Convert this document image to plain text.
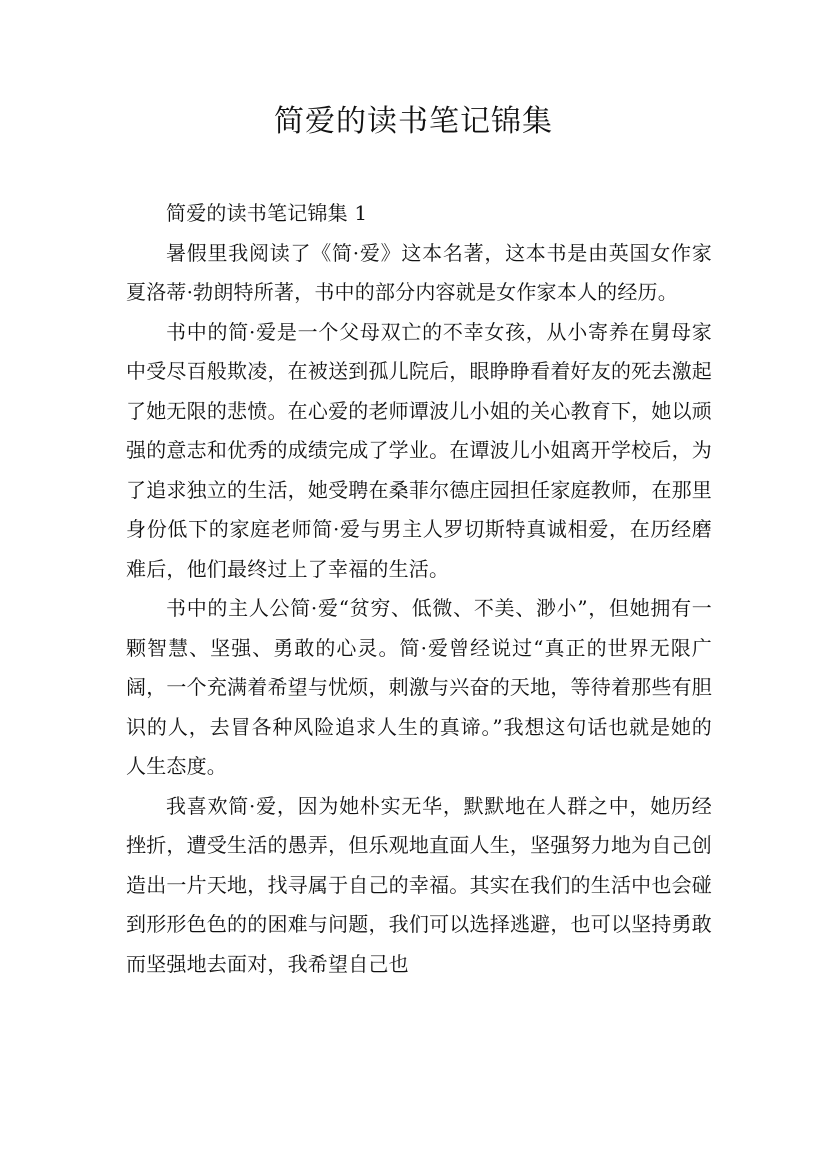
简爱的读书笔记锦集

简爱的读书笔记锦集 1

暑假里我阅读了《简·爱》这本名著，这本书是由英国女作家夏洛蒂·勃朗特所著，书中的部分内容就是女作家本人的经历。

书中的简·爱是一个父母双亡的不幸女孩，从小寄养在舅母家中受尽百般欺凌，在被送到孤儿院后，眼睁睁看着好友的死去激起了她无限的悲愤。在心爱的老师谭波儿小姐的关心教育下，她以顽强的意志和优秀的成绩完成了学业。在谭波儿小姐离开学校后，为了追求独立的生活，她受聘在桑菲尔德庄园担任家庭教师，在那里身份低下的家庭老师简·爱与男主人罗切斯特真诚相爱，在历经磨难后，他们最终过上了幸福的生活。

书中的主人公简·爱“贫穷、低微、不美、渺小”，但她拥有一颗智慧、坚强、勇敢的心灵。简·爱曾经说过“真正的世界无限广阔，一个充满着希望与忧烦，刺激与兴奋的天地，等待着那些有胆识的人，去冒各种风险追求人生的真谛。”我想这句话也就是她的人生态度。

我喜欢简·爱，因为她朴实无华，默默地在人群之中，她历经挫折，遭受生活的愚弄，但乐观地直面人生，坚强努力地为自己创造出一片天地，找寻属于自己的幸福。其实在我们的生活中也会碰到形形色色的的困难与问题，我们可以选择逃避，也可以坚持勇敢而坚强地去面对，我希望自己也
